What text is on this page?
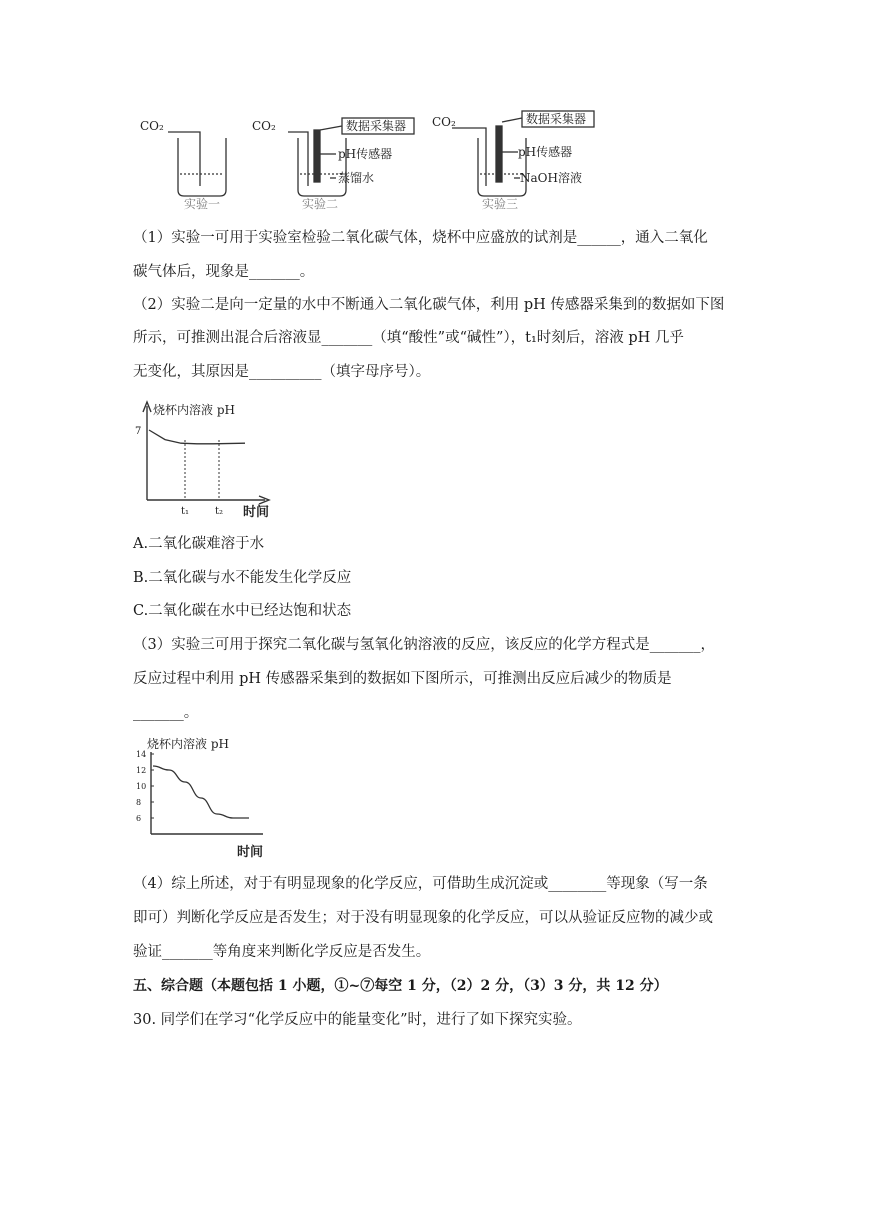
CO₂	CO₂	CO₂
数据采集器	数据采集器
pH传感器	pH传感器
蒸馏水	NaOH溶液
实验一	实验二	实验三
（1）实验一可用于实验室检验二氧化碳气体，烧杯中应盛放的试剂是______，通入二氧化
碳气体后，现象是_______。
（2）实验二是向一定量的水中不断通入二氧化碳气体，利用 pH 传感器采集到的数据如下图
所示，可推测出混合后溶液显_______（填“酸性”或“碱性”），t₁时刻后，溶液 pH 几乎
无变化，其原因是__________（填字母序号）。
烧杯内溶液 pH
7
t₁	t₂ 时间
A.二氧化碳难溶于水
B.二氧化碳与水不能发生化学反应
C.二氧化碳在水中已经达饱和状态
（3）实验三可用于探究二氧化碳与氢氧化钠溶液的反应，该反应的化学方程式是_______，
反应过程中利用 pH 传感器采集到的数据如下图所示，可推测出反应后减少的物质是
_______。
14
12
10
8
6
烧杯内溶液 pH
时间
（4）综上所述，对于有明显现象的化学反应，可借助生成沉淀或________等现象（写一条
即可）判断化学反应是否发生；对于没有明显现象的化学反应，可以从验证反应物的减少或
验证_______等角度来判断化学反应是否发生。
五、综合题（本题包括 1 小题，①~⑦每空 1 分，（2）2 分，（3）3 分，共 12 分）
30. 同学们在学习“化学反应中的能量变化”时，进行了如下探究实验。
